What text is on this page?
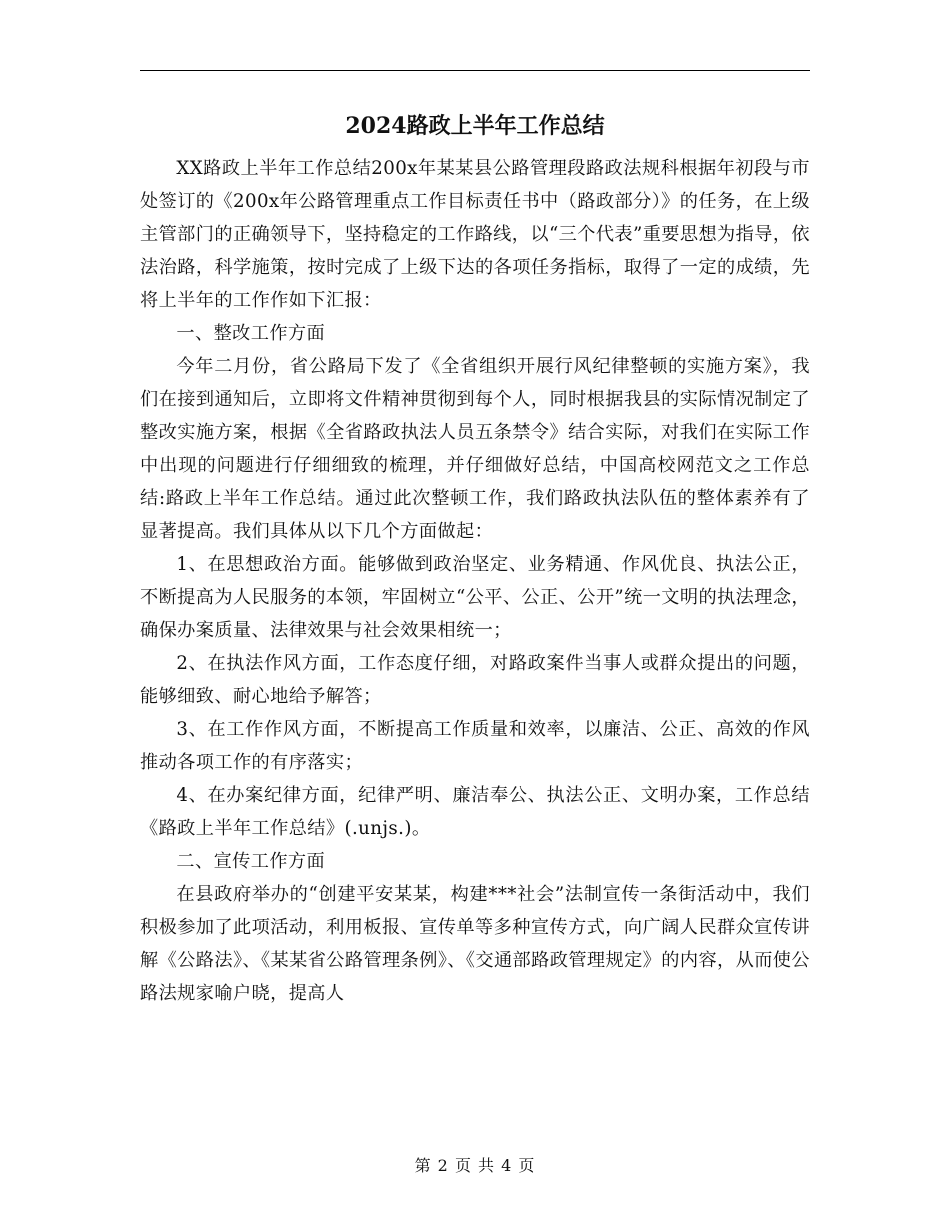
2024路政上半年工作总结

XX路政上半年工作总结200x年某某县公路管理段路政法规科根据年初段与市处签订的《200x年公路管理重点工作目标责任书中（路政部分）》的任务，在上级主管部门的正确领导下，坚持稳定的工作路线，以“三个代表”重要思想为指导，依法治路，科学施策，按时完成了上级下达的各项任务指标，取得了一定的成绩，先将上半年的工作作如下汇报：

一、整改工作方面

今年二月份，省公路局下发了《全省组织开展行风纪律整顿的实施方案》，我们在接到通知后，立即将文件精神贯彻到每个人，同时根据我县的实际情况制定了整改实施方案，根据《全省路政执法人员五条禁令》结合实际，对我们在实际工作中出现的问题进行仔细细致的梳理，并仔细做好总结，中国高校网范文之工作总结:路政上半年工作总结。通过此次整顿工作，我们路政执法队伍的整体素养有了显著提高。我们具体从以下几个方面做起：

1、在思想政治方面。能够做到政治坚定、业务精通、作风优良、执法公正，不断提高为人民服务的本领，牢固树立“公平、公正、公开”统一文明的执法理念，确保办案质量、法律效果与社会效果相统一；

2、在执法作风方面，工作态度仔细，对路政案件当事人或群众提出的问题，能够细致、耐心地给予解答；

3、在工作作风方面，不断提高工作质量和效率，以廉洁、公正、高效的作风推动各项工作的有序落实；

4、在办案纪律方面，纪律严明、廉洁奉公、执法公正、文明办案，工作总结《路政上半年工作总结》(.unjs.)。

二、宣传工作方面

在县政府举办的“创建平安某某，构建***社会”法制宣传一条街活动中，我们积极参加了此项活动，利用板报、宣传单等多种宣传方式，向广阔人民群众宣传讲解《公路法》、《某某省公路管理条例》、《交通部路政管理规定》的内容，从而使公路法规家喻户晓，提高人

第 2 页 共 4 页
